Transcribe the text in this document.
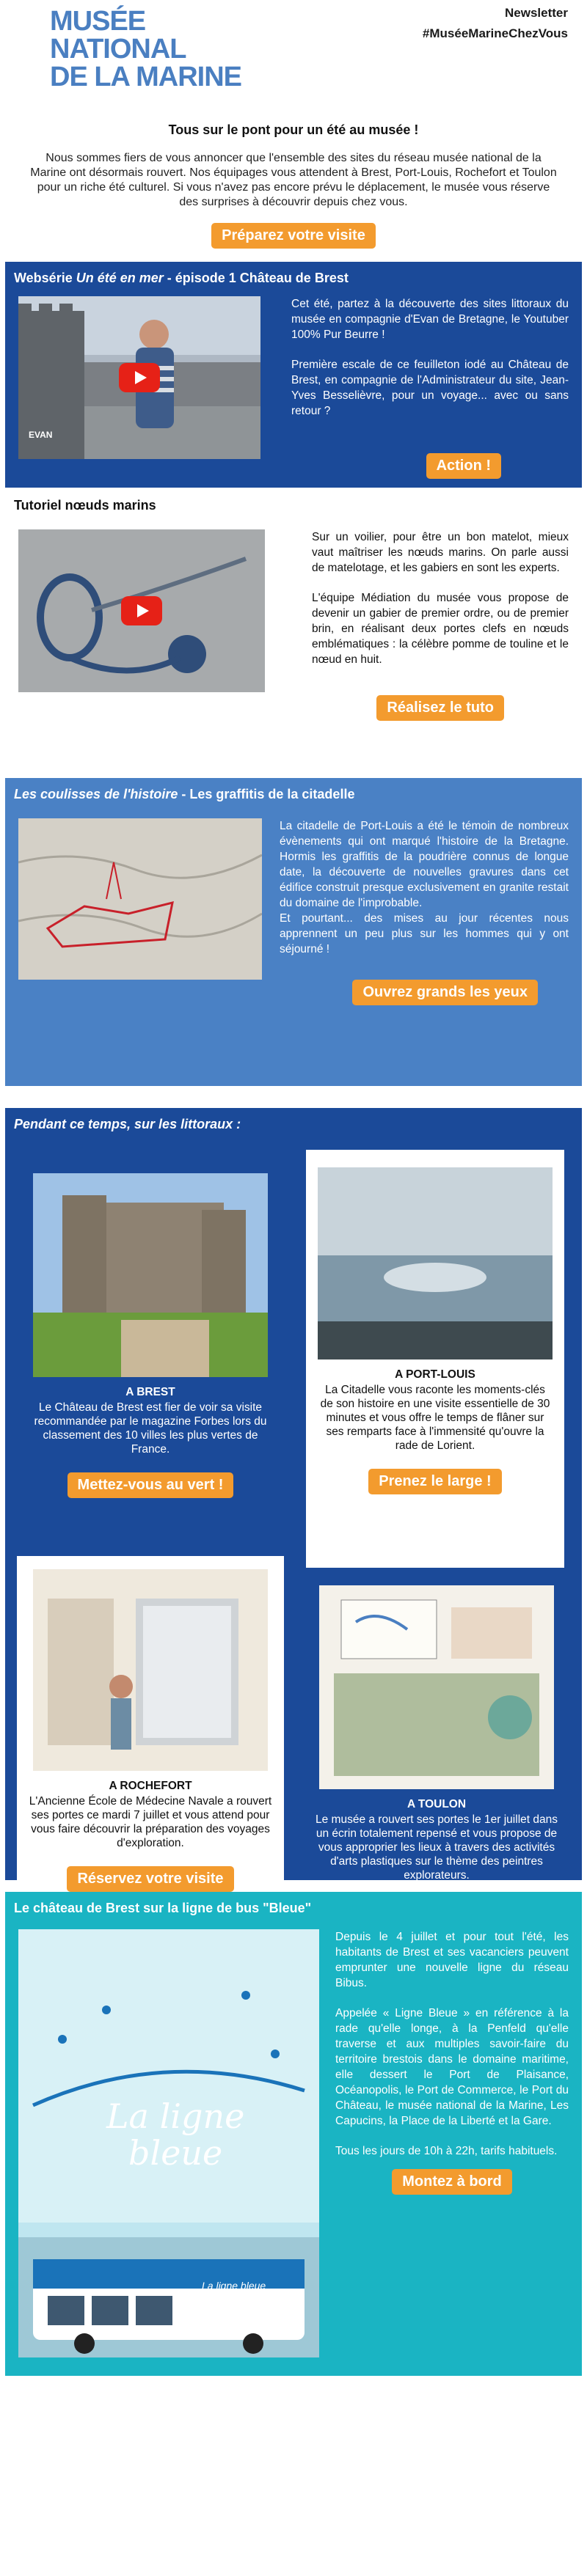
MUSÉE
NATIONAL
DE LA MARINE
Newsletter
#MuséeMarineChezVous
Tous sur le pont pour un été au musée !

Nous sommes fiers de vous annoncer que l'ensemble des sites du réseau musée national de la Marine ont désormais rouvert. Nos équipages vous attendent à Brest, Port-Louis, Rochefort et Toulon pour un riche été culturel. Si vous n'avez pas encore prévu le déplacement, le musée vous réserve des surprises à découvrir depuis chez vous.

Préparez votre visite
Websérie Un été en mer - épisode 1 Château de Brest
EVAN

Cet été, partez à la découverte des sites littoraux du musée en compagnie d'Evan de Bretagne, le Youtuber 100% Pur Beurre !

Première escale de ce feuilleton iodé au Château de Brest, en compagnie de l'Administrateur du site, Jean-Yves Besselièvre, pour un voyage... avec ou sans retour ?

Action !
Tutoriel nœuds marins

Sur un voilier, pour être un bon matelot, mieux vaut maîtriser les nœuds marins. On parle aussi de matelotage, et les gabiers en sont les experts.

L'équipe Médiation du musée vous propose de devenir un gabier de premier ordre, ou de premier brin, en réalisant deux portes clefs en nœuds emblématiques : la célèbre pomme de touline et le nœud en huit.

Réalisez le tuto
Les coulisses de l'histoire - Les graffitis de la citadelle

La citadelle de Port-Louis a été le témoin de nombreux évènements qui ont marqué l'histoire de la Bretagne. Hormis les graffitis de la poudrière connus de longue date, la découverte de nouvelles gravures dans cet édifice construit presque exclusivement en granite restait du domaine de l'improbable.

Et pourtant... des mises au jour récentes nous apprennent un peu plus sur les hommes qui y ont séjourné !

Ouvrez grands les yeux
Pendant ce temps, sur les littoraux :
A BREST
Le Château de Brest est fier de voir sa visite recommandée par le magazine Forbes lors du classement des 10 villes les plus vertes de France.
Mettez-vous au vert !
A PORT-LOUIS
La Citadelle vous raconte les moments-clés de son histoire en une visite essentielle de 30 minutes et vous offre le temps de flâner sur ses remparts face à l'immensité qu'ouvre la rade de Lorient.
Prenez le large !
A ROCHEFORT
L'Ancienne École de Médecine Navale a rouvert ses portes ce mardi 7 juillet et vous attend pour vous faire découvrir la préparation des voyages d'exploration.
Réservez votre visite
A TOULON
Le musée a rouvert ses portes le 1er juillet dans un écrin totalement repensé et vous propose de vous approprier les lieux à travers des activités d'arts plastiques sur le thème des peintres explorateurs.
Le château de Brest sur la ligne de bus "Bleue"
La ligne
bleue
La ligne bleue

Depuis le 4 juillet et pour tout l'été, les habitants de Brest et ses vacanciers peuvent emprunter une nouvelle ligne du réseau Bibus.

Appelée « Ligne Bleue » en référence à la rade qu'elle longe, à la Penfeld qu'elle traverse et aux multiples savoir-faire du territoire brestois dans le domaine maritime, elle dessert le Port de Plaisance, Océanopolis, le Port de Commerce, le Port du Château, le musée national de la Marine, Les Capucins, la Place de la Liberté et la Gare.

Tous les jours de 10h à 22h, tarifs habituels.

Montez à bord
